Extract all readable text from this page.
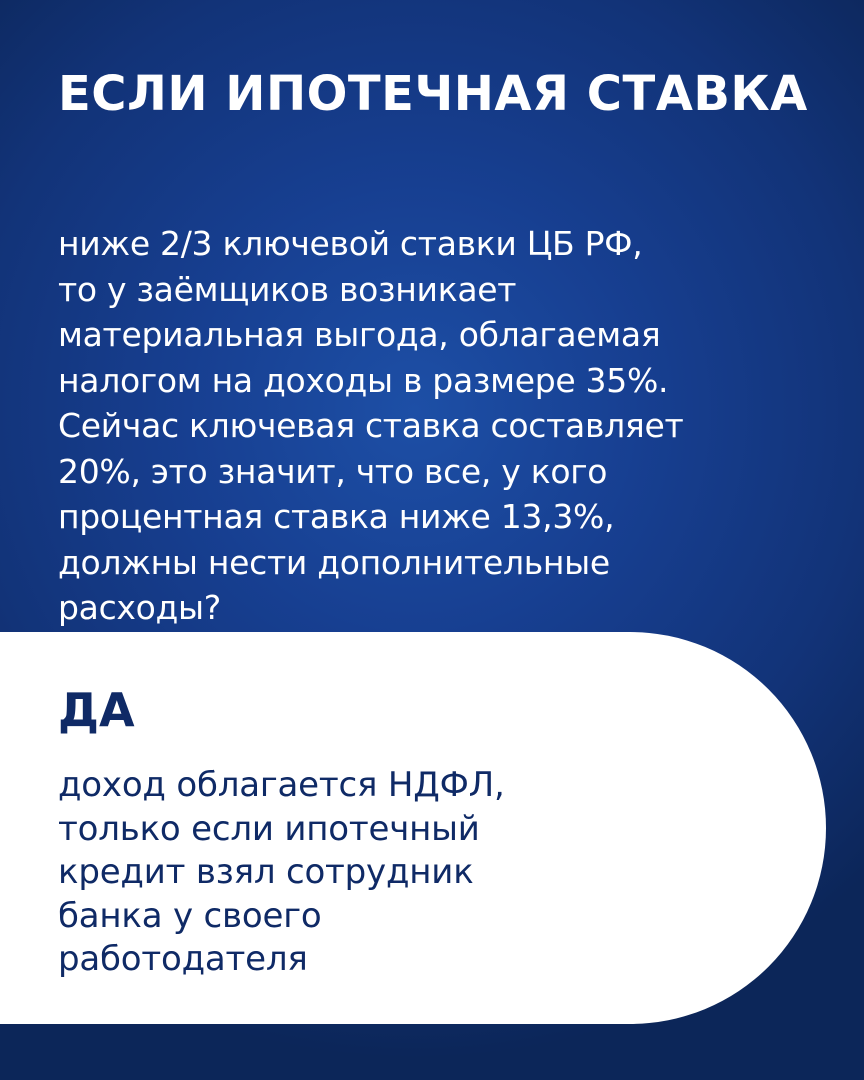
ЕСЛИ ИПОТЕЧНАЯ СТАВКА

ниже 2/3 ключевой ставки ЦБ РФ,
то у заёмщиков возникает
материальная выгода, облагаемая
налогом на доходы в размере 35%.
Сейчас ключевая ставка составляет
20%, это значит, что все, у кого
процентная ставка ниже 13,3%,
должны нести дополнительные
расходы?

ДА

доход облагается НДФЛ,
только если ипотечный
кредит взял сотрудник
банка у своего
работодателя
